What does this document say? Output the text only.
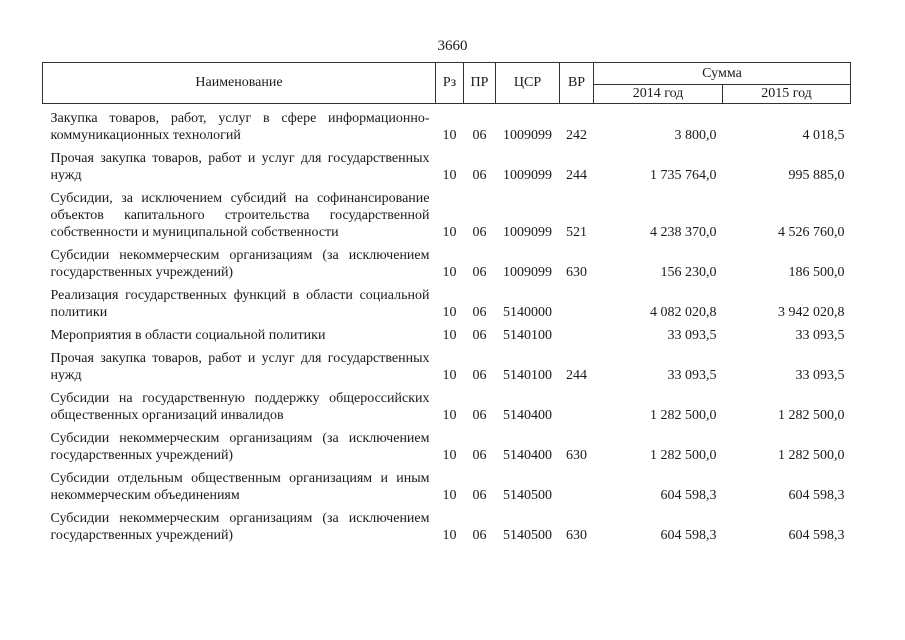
3660
Наименование	Рз	ПР	ЦСР	ВР	Сумма	
					2014 год	2015 год
Закупка товаров, работ, услуг в сфере информационно-коммуникационных технологий	10	06	1009099	242	3 800,0	4 018,5
Прочая закупка товаров, работ и услуг для государственных нужд	10	06	1009099	244	1 735 764,0	995 885,0
Субсидии, за исключением субсидий на софинансирование объектов капитального строительства государственной собственности и муниципальной собственности	10	06	1009099	521	4 238 370,0	4 526 760,0
Субсидии некоммерческим организациям (за исключением государственных учреждений)	10	06	1009099	630	156 230,0	186 500,0
Реализация государственных функций в области социальной политики	10	06	5140000		4 082 020,8	3 942 020,8
Мероприятия в области социальной политики	10	06	5140100		33 093,5	33 093,5
Прочая закупка товаров, работ и услуг для государственных нужд	10	06	5140100	244	33 093,5	33 093,5
Субсидии на государственную поддержку общероссийских общественных организаций инвалидов	10	06	5140400		1 282 500,0	1 282 500,0
Субсидии некоммерческим организациям (за исключением государственных учреждений)	10	06	5140400	630	1 282 500,0	1 282 500,0
Субсидии отдельным общественным организациям и иным некоммерческим объединениям	10	06	5140500		604 598,3	604 598,3
Субсидии некоммерческим организациям (за исключением государственных учреждений)	10	06	5140500	630	604 598,3	604 598,3
